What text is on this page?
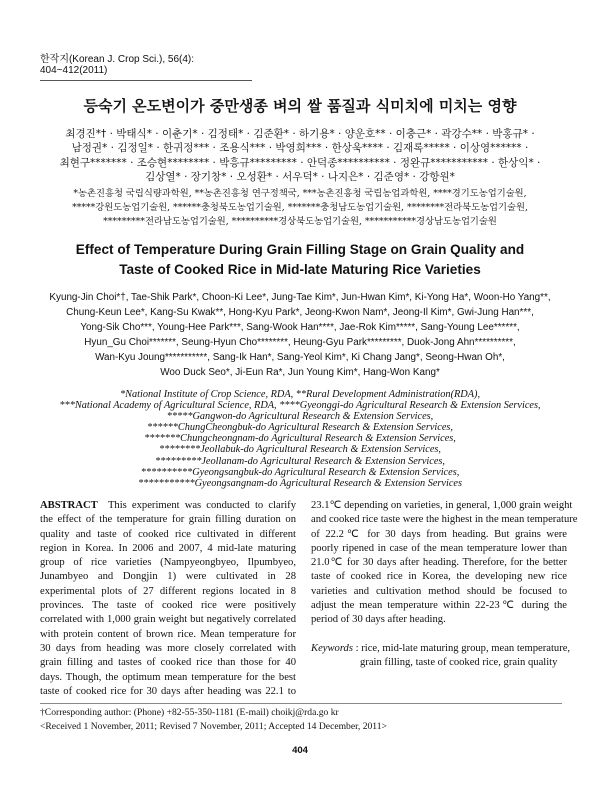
한작지(Korean J. Crop Sci.), 56(4): 404~412(2011)
등숙기 온도변이가 중만생종 벼의 쌀 품질과 식미치에 미치는 영향
최경진*† · 박태식* · 이춘기* · 김정태* · 김준환* · 하기용* · 양운호** · 이충근* · 곽강수** · 박홍규* ·
남정권* · 김정일* · 한귀정*** · 조용식*** · 박영희*** · 한상욱**** · 김재록***** · 이상영****** ·
최현구******* · 조승현******** · 박흥규********* · 안덕종********** · 정완규*********** · 한상익* ·
김상열* · 장기창* · 오성환* · 서우덕* · 나지은* · 김준영* · 강항원*
*농촌진흥청 국립식량과학원, **농촌진흥청 연구정책국, ***농촌진흥청 국립농업과학원, ****경기도농업기술원,
*****강원도농업기술원, ******충청북도농업기술원, *******충청남도농업기술원, ********전라북도농업기술원,
*********전라남도농업기술원, **********경상북도농업기술원, ***********경상남도농업기술원
Effect of Temperature During Grain Filling Stage on Grain Quality and
Taste of Cooked Rice in Mid-late Maturing Rice Varieties
Kyung-Jin Choi*†, Tae-Shik Park*, Choon-Ki Lee*, Jung-Tae Kim*, Jun-Hwan Kim*, Ki-Yong Ha*, Woon-Ho Yang**,
Chung-Keun Lee*, Kang-Su Kwak**, Hong-Kyu Park*, Jeong-Kwon Nam*, Jeong-Il Kim*, Gwi-Jung Han***,
Yong-Sik Cho***, Young-Hee Park***, Sang-Wook Han****, Jae-Rok Kim*****, Sang-Young Lee******,
Hyun_Gu Choi*******, Seung-Hyun Cho********, Heung-Gyu Park*********, Duok-Jong Ahn**********,
Wan-Kyu Joung***********, Sang-Ik Han*, Sang-Yeol Kim*, Ki Chang Jang*, Seong-Hwan Oh*,
Woo Duck Seo*, Ji-Eun Ra*, Jun Young Kim*, Hang-Won Kang*
*National Institute of Crop Science, RDA, **Rural Development Administration(RDA),
***National Academy of Agricultural Science, RDA, ****Gyeonggi-do Agricultural Research & Extension Services,
*****Gangwon-do Agricultural Research & Extension Services,
******ChungCheongbuk-do Agricultural Research & Extension Services,
*******Chungcheongnam-do Agricultural Research & Extension Services,
********Jeollabuk-do Agricultural Research & Extension Services,
*********Jeollanam-do Agricultural Research & Extension Services,
**********Gyeongsangbuk-do Agricultural Research & Extension Services,
***********Gyeongsangnam-do Agricultural Research & Extension Services
ABSTRACT  This experiment was conducted to clarify
the effect of the temperature for grain filling duration on
quality and taste of cooked rice cultivated in different
region in Korea. In 2006 and 2007, 4 mid-late maturing
group of rice varieties (Nampyeongbyeo, Ilpumbyeo,
Junambyeo and Dongjin 1) were cultivated in 28
experimental plots of 27 different regions located in 8
provinces. The taste of cooked rice were positively
correlated with 1,000 grain weight but negatively correlated
with protein content of brown rice. Mean temperature for
30 days from heading was more closely correlated with
grain filling and tastes of cooked rice than those for 40
days. Though, the optimum mean temperature for the best
taste of cooked rice for 30 days after heading was 22.1 to
23.1℃ depending on varieties, in general, 1,000 grain weight
and cooked rice taste were the highest in the mean temperature
of 22.2℃ for 30 days from heading. But grains were
poorly ripened in case of the mean temperature lower than
21.0℃ for 30 days after heading. Therefore, for the better
taste of cooked rice in Korea, the developing new rice
varieties and cultivation method should be focused to
adjust the mean temperature within 22-23℃ during the
period of 30 days after heading.
Keywords : rice, mid-late maturing group, mean temperature,
grain filling, taste of cooked rice, grain quality
†Corresponding author: (Phone) +82-55-350-1181 (E-mail) choikj@rda.go kr
<Received 1 November, 2011; Revised 7 November, 2011; Accepted 14 December, 2011>
404
